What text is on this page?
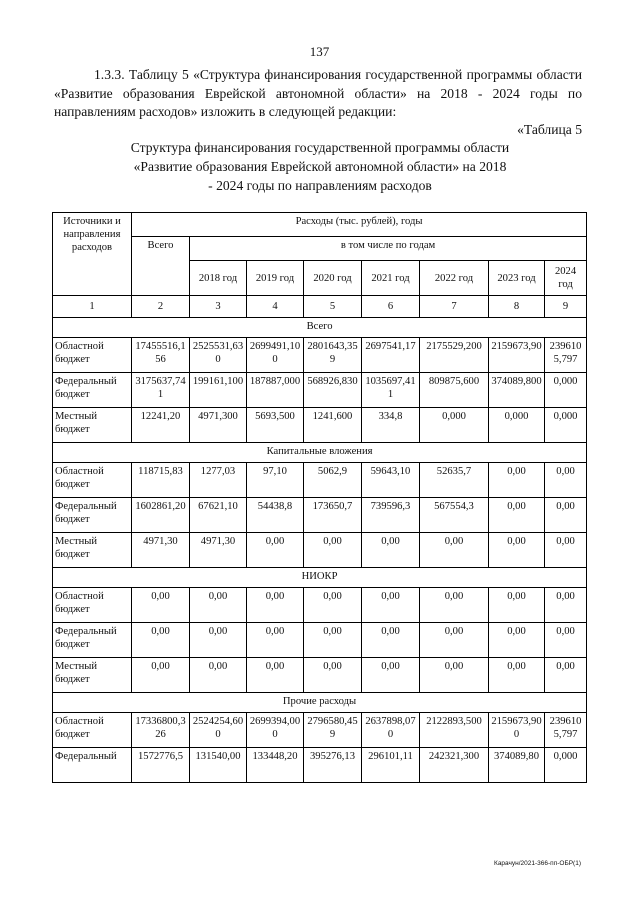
137

1.3.3. Таблицу 5 «Структура финансирования государственной программы области «Развитие образования Еврейской автономной области» на 2018 - 2024 годы по направлениям расходов» изложить в следующей редакции:

«Таблица 5
Структура финансирования государственной программы области «Развитие образования Еврейской автономной области» на 2018 - 2024 годы по направлениям расходов
Источники и направления расходов	Расходы (тыс. рублей), годы							
	Всего	в том числе по годам						
		2018 год	2019 год	2020 год	2021 год	2022 год	2023 год	2024 год
1	2	3	4	5	6	7	8	9
Всего								
Областной бюджет	17455516,156	2525531,630	2699491,100	2801643,359	2697541,17	2175529,200	2159673,90	2396105,797
Федеральный бюджет	3175637,741	199161,100	187887,000	568926,830	1035697,411	809875,600	374089,800	0,000
Местный бюджет	12241,20	4971,300	5693,500	1241,600	334,8	0,000	0,000	0,000
Капитальные вложения								
Областной бюджет	118715,83	1277,03	97,10	5062,9	59643,10	52635,7	0,00	0,00
Федеральный бюджет	1602861,20	67621,10	54438,8	173650,7	739596,3	567554,3	0,00	0,00
Местный бюджет	4971,30	4971,30	0,00	0,00	0,00	0,00	0,00	0,00
НИОКР								
Областной бюджет	0,00	0,00	0,00	0,00	0,00	0,00	0,00	0,00
Федеральный бюджет	0,00	0,00	0,00	0,00	0,00	0,00	0,00	0,00
Местный бюджет	0,00	0,00	0,00	0,00	0,00	0,00	0,00	0,00
Прочие расходы								
Областной бюджет	17336800,326	2524254,600	2699394,000	2796580,459	2637898,070	2122893,500	2159673,900	2396105,797
Федеральный	1572776,5	131540,00	133448,20	395276,13	296101,11	242321,300	374089,80	0,000
Карачун/2021-366-пп-ОБР(1)
